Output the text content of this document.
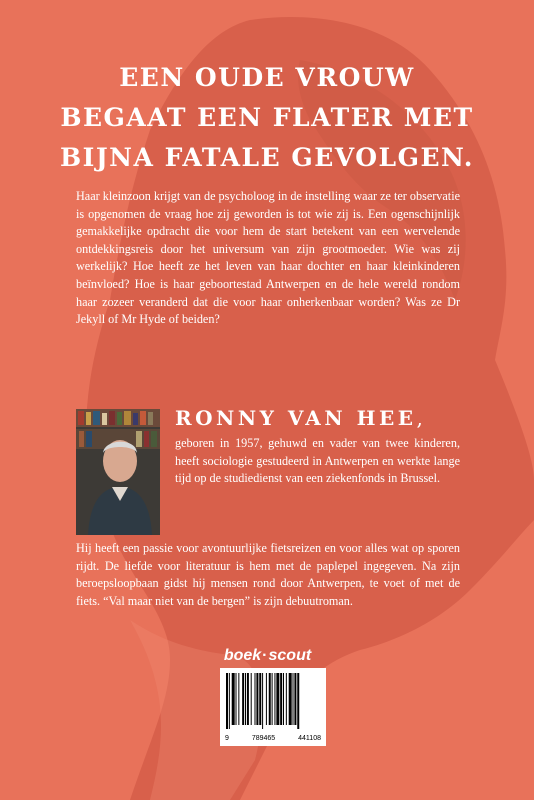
EEN OUDE VROUW
BEGAAT EEN FLATER MET
BIJNA FATALE GEVOLGEN.

Haar kleinzoon krijgt van de psycholoog in de instelling waar ze ter observatie is opgenomen de vraag hoe zij geworden is tot wie zij is. Een ogenschijnlijk gemakkelijke opdracht die voor hem de start betekent van een wervelende ontdekkingsreis door het universum van zijn grootmoeder. Wie was zij werkelijk? Hoe heeft ze het leven van haar dochter en haar kleinkinderen beïnvloed? Hoe is haar geboortestad Antwerpen en de hele wereld rondom haar zozeer veranderd dat die voor haar onherkenbaar worden? Was ze Dr Jekyll of Mr Hyde of beiden?

RONNY VAN HEE,

geboren in 1957, gehuwd en vader van twee kinderen, heeft sociologie gestudeerd in Antwerpen en werkte lange tijd op de studiedienst van een ziekenfonds in Brussel.

Hij heeft een passie voor avontuurlijke fietsreizen en voor alles wat op sporen rijdt. De liefde voor literatuur is hem met de paplepel ingegeven. Na zijn beroepsloopbaan gidst hij mensen rond door Antwerpen, te voet of met de fiets. “Val maar niet van de bergen” is zijn debuutroman.

boek·scout
9	789465	441108
